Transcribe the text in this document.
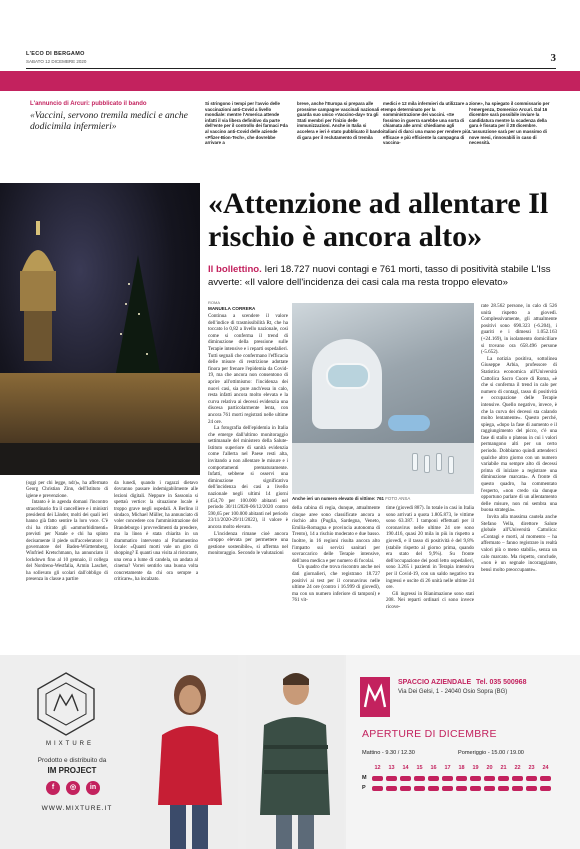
L'ECO DI BERGAMO
SABATO 12 DICEMBRE 2020	3
L'annuncio di Arcuri: pubblicato il bando
«Vaccini, servono tremila medici e anche dodicimila infermieri»
Si stringono i tempi per l'avvio delle vaccinazioni anti-Covid a livello mondiale: mentre l'America attende infatti il via libera definitivo da parte dell'ente per il controllo dei farmaci Fda al vaccino anti-Covid delle aziende «Pfizer-Bion-Tech», che dovrebbe arrivare a
breve, anche l'Europa si prepara alle prossime campagne vaccinali nazionali e guarda suo unico «Vaccino-day» tra gli Stati membri per l'inizio delle immunizzazioni. Anche in Italia si accelera e ieri è stato pubblicato il bando di gara per il reclutamento di tremila
medici e 12 mila infermieri da utilizzare a tempo determinato per la somministrazione dei vaccini. «Se fossimo in guerra sarebbe una sorta di chiamata alle armi: chiediamo agli italiani di darci una mano per rendere più efficace e più efficiente la campagna di vaccina-
zione», ha spiegato il commissario per l'emergenza, Domenico Arcuri. Dal 16 dicembre sarà possibile inviare la candidatura mentre la scadenza della gara è fissata per il 28 dicembre. L'assunzione sarà per un massimo di nove mesi, rinnovabili in caso di necessità.
«Attenzione ad allentare Il rischio è ancora alto»
Il bollettino. Ieri 18.727 nuovi contagi e 761 morti, tasso di positività stabile L'Iss avverte: «Il valore dell'incidenza dei casi cala ma resta troppo elevato»
ROMA
MANUELA CORRERA

Continua a scendere il valore dell'indice di trasmissibilità Rt, che ha toccato lo 0,82 a livello nazionale, così come si conferma il trend di diminuzione della pressione sulle Terapie intensive e i reparti ospedalieri. Tutti segnali che confermano l'efficacia delle misure di restrizione adottate finora per frenare l'epidemia da Covid-19, ma che ancora non consentono di aprire all'ottimismo: l'incidenza dei nuovi casi, sia pure anch'essa in calo, resta infatti ancora molto elevata e la curva relativa ai decessi evidenzia una discesa particolarmente lenta, con ancora 761 morti registrati nelle ultime 24 ore.

La fotografia dell'epidemia in Italia che emerge dall'ultimo monitoraggio settimanale del ministero della Salute-Istituto superiore di sanità evidenzia come l'allerta nel Paese resti alta, invitando a non allentare le misure e i comportamenti prematuramente. Infatti, sebbene si osservi una diminuzione significativa dell'incidenza dei casi a livello nazionale negli ultimi 14 giorni (454,70 per 100.000 abitanti nel periodo 30/11/2020-06/12/2020 contro 590,65 per 100.000 abitanti nel periodo 23/11/2020-29/11/2022), il valore è ancora molto elevato.

L'incidenza rimane cioè ancora «troppo elevata per permettere una gestione sostenibile», si afferma nel monitoraggio. Secondo le valutazioni

Anche ieri un numero elevato di vittime: 761 FOTO ANSA

della cabina di regia, dunque, attualmente cinque aree sono classificate ancora a rischio alto (Puglia, Sardegna, Veneto, Emilia-Romagna e provincia autonoma di Trento), 14 a rischio moderato e due basso. Inoltre, in 16 regioni risulta ancora alto l'impatto sui servizi sanitari per sovraccarico delle Terapie intensive, dell'area medica e per numero di focolai.

Un quadro che trova riscontro anche nei dati giornalieri, che registrano 18.727 positivi ai test per il coronavirus nelle ultime 24 ore (contro i 16.999 di giovedì), ma con un numero inferiore di tamponi) e 761 vit-

time (giovedì 887). In totale in casi in Italia sono arrivati a quota 1.805.873, le vittime sono 63.387. I tamponi effettuati per il coronavirus nelle ultime 24 ore sono 190.416, quasi 20 mila in più in rispetto a giovedì, e il tasso di positività è del 9,8% (stabile rispetto al giorno prima, quando era stato del 9,9%). Su fronte dell'occupazione dei posti letto ospedalieri, sono 3.265 i pazienti in Terapia intensiva per il Covid-19, con un saldo negativo tra ingressi e uscite di 26 unità nelle ultime 24 ore.

Gli ingressi in Rianimazione sono stati 208. Nei reparti ordinari ci sono invece ricove-

rate 28.562 persone, in calo di 526 unità rispetto a giovedì. Complessivamente, gli attualmente positivi sono 690.323 (-6.204), i guariti e i dimessi 1.052.163 (+24.169), in isolamento domiciliare si trovano ora 658.496 persone (-5.652).

La notizia positiva, sottolinea Giuseppe Arbia, professore di Statistica economica all'Università Cattolica Sacro Cuore di Roma, «è che si conferma il trend in calo per numero di contagi, tasso di positività e occupazione delle Terapie intensive. Quello negativo, invece, è che la curva dei decessi sta calando molto lentamente». Questo perché, spiega, «dopo la fase di aumento e il raggiungimento del picco, c'è una fase di stallo o plateau in cui i valori permangono alti per un certo periodo. Dobbiamo quindi attenderci qualche altro giorno con un numero variabile ma sempre alto di decessi prima di iniziare a registrare una diminuzione marcata». A fronte di questo quadro, ha commentato l'esperto, «non credo sia dunque opportuno parlare di un allentamento delle misure, non mi sembra una buona strategia».

Invita alla massima cautela anche Stefano Vella, direttore Salute globale all'Università Cattolica: «Contagi e morti, al momento – ha affermato – fanno registrare in realtà valori più o meno stabili», senza un calo marcato. Ma rispetto, conclude, «non è un segnale incoraggiante, bensì molto preoccupante».

(oggi per chi legge, ndr)», ha affermato Georg Christian Zinn, dell'Istituto di igiene e prevenzione.

Intanto è in agenda domani l'incontro straordinario fra il cancelliere e i ministri presidenti dei Länder, molti dei quali ieri hanno già fatto sentire la loro voce. C'è chi ha ritirato gli «ammorbidimenti» previsti per Natale e chi ha spinto decisamente il piede sull'acceleratore: il governatore del Baden-Württemberg, Winfried Kretschmann, ha annunciato il lockdown fino al 10 gennaio, il collega del Nordreno-Westfalia, Armin Laschet, ha sollevato gli scolari dall'obbligo di presenza in classe a partire

da lunedì, quando i ragazzi dietavo dovranno passare indemigabilmente alle lezioni digitali. Neppure in Sassonia si spettaù vertice: la situazione locale è troppo grave negli ospedali. A Berlino il sindaco, Michael Müller, ha annunciato di voler concedere con l'amministrazione del Brandeburgo i provvedimenti da prendere, ma la linea è stata chiarita in un drammatico intervento al Parlamentino locale: «Quanti morti vale un giro di shopping? E quanti una visita al ristorante, una cena a lume di candela, un andata al cinema? Vorrei sentirlo una buona volta concretamente da chi ora sempre a criticare», ha incalzato.

MIXTURE
Prodotto e distribuito da
IM PROJECT
f	◎	in
WWW.MIXTURE.IT
SPACCIO AZIENDALE Tel. 035 500968
Via Dei Gelsi, 1 - 24040 Osio Sopra (BG)
APERTURE DI DICEMBRE
Mattino - 9.30 / 12.30	Pomeriggio - 15.00 / 19.00
12	13	14	15	16	17	18	19	20	21	22	23	24
M
P
